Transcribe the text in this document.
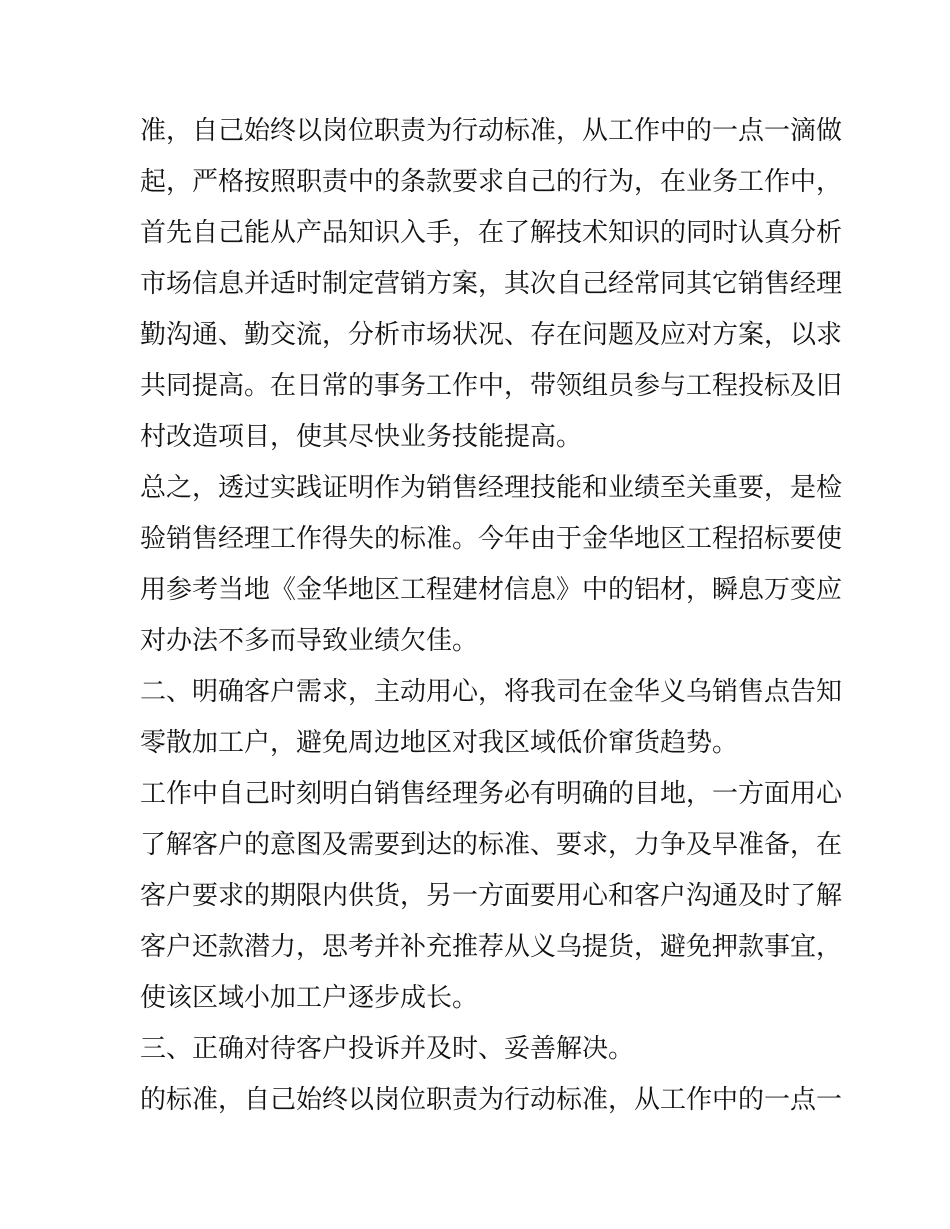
准，自己始终以岗位职责为行动标准，从工作中的一点一滴做
起，严格按照职责中的条款要求自己的行为，在业务工作中，
首先自己能从产品知识入手，在了解技术知识的同时认真分析
市场信息并适时制定营销方案，其次自己经常同其它销售经理
勤沟通、勤交流，分析市场状况、存在问题及应对方案，以求
共同提高。在日常的事务工作中，带领组员参与工程投标及旧
村改造项目，使其尽快业务技能提高。
总之，透过实践证明作为销售经理技能和业绩至关重要，是检
验销售经理工作得失的标准。今年由于金华地区工程招标要使
用参考当地《金华地区工程建材信息》中的铝材，瞬息万变应
对办法不多而导致业绩欠佳。
二、明确客户需求，主动用心，将我司在金华义乌销售点告知
零散加工户，避免周边地区对我区域低价窜货趋势。
工作中自己时刻明白销售经理务必有明确的目地，一方面用心
了解客户的意图及需要到达的标准、要求，力争及早准备，在
客户要求的期限内供货，另一方面要用心和客户沟通及时了解
客户还款潜力，思考并补充推荐从义乌提货，避免押款事宜，
使该区域小加工户逐步成长。
三、正确对待客户投诉并及时、妥善解决。
的标准，自己始终以岗位职责为行动标准，从工作中的一点一
